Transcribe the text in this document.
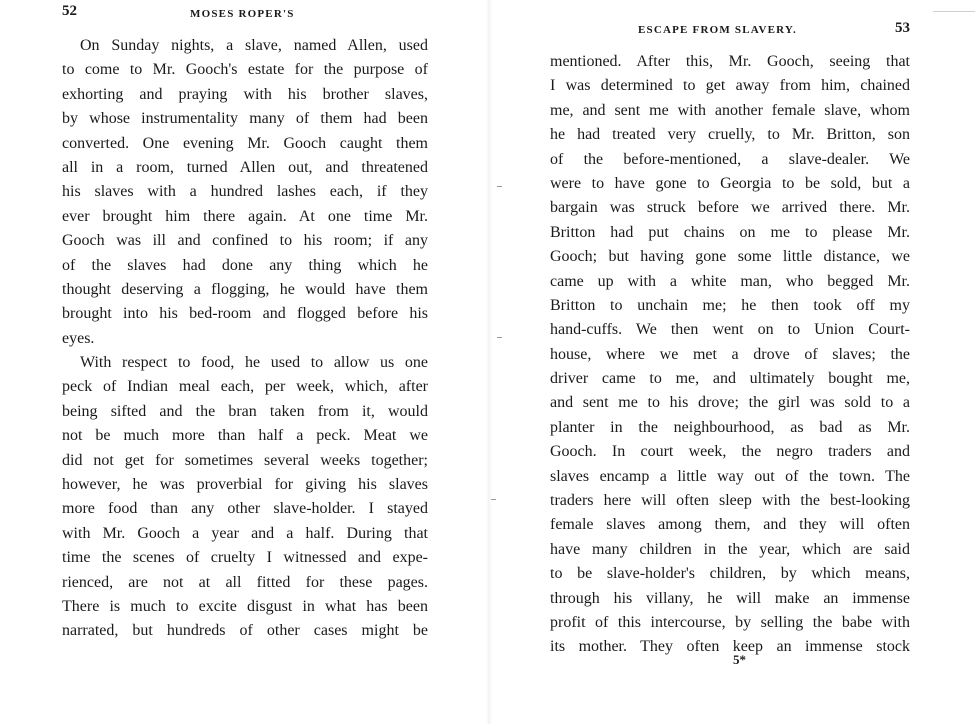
52	MOSES ROPER'S
On Sunday nights, a slave, named Allen, used
to come to Mr. Gooch's estate for the purpose of
exhorting and praying with his brother slaves,
by whose instrumentality many of them had been
converted. One evening Mr. Gooch caught them
all in a room, turned Allen out, and threatened
his slaves with a hundred lashes each, if they
ever brought him there again. At one time Mr.
Gooch was ill and confined to his room; if any
of the slaves had done any thing which he
thought deserving a flogging, he would have them
brought into his bed-room and flogged before his
eyes.
With respect to food, he used to allow us one
peck of Indian meal each, per week, which, after
being sifted and the bran taken from it, would
not be much more than half a peck. Meat we
did not get for sometimes several weeks together;
however, he was proverbial for giving his slaves
more food than any other slave-holder. I stayed
with Mr. Gooch a year and a half. During that
time the scenes of cruelty I witnessed and expe-
rienced, are not at all fitted for these pages.
There is much to excite disgust in what has been
narrated, but hundreds of other cases might be
ESCAPE FROM SLAVERY.	53
mentioned. After this, Mr. Gooch, seeing that
I was determined to get away from him, chained
me, and sent me with another female slave, whom
he had treated very cruelly, to Mr. Britton, son
of the before-mentioned, a slave-dealer. We
were to have gone to Georgia to be sold, but a
bargain was struck before we arrived there. Mr.
Britton had put chains on me to please Mr.
Gooch; but having gone some little distance, we
came up with a white man, who begged Mr.
Britton to unchain me; he then took off my
hand-cuffs. We then went on to Union Court-
house, where we met a drove of slaves; the
driver came to me, and ultimately bought me,
and sent me to his drove; the girl was sold to a
planter in the neighbourhood, as bad as Mr.
Gooch. In court week, the negro traders and
slaves encamp a little way out of the town. The
traders here will often sleep with the best-looking
female slaves among them, and they will often
have many children in the year, which are said
to be slave-holder's children, by which means,
through his villany, he will make an immense
profit of this intercourse, by selling the babe with
its mother. They often keep an immense stock
5*
